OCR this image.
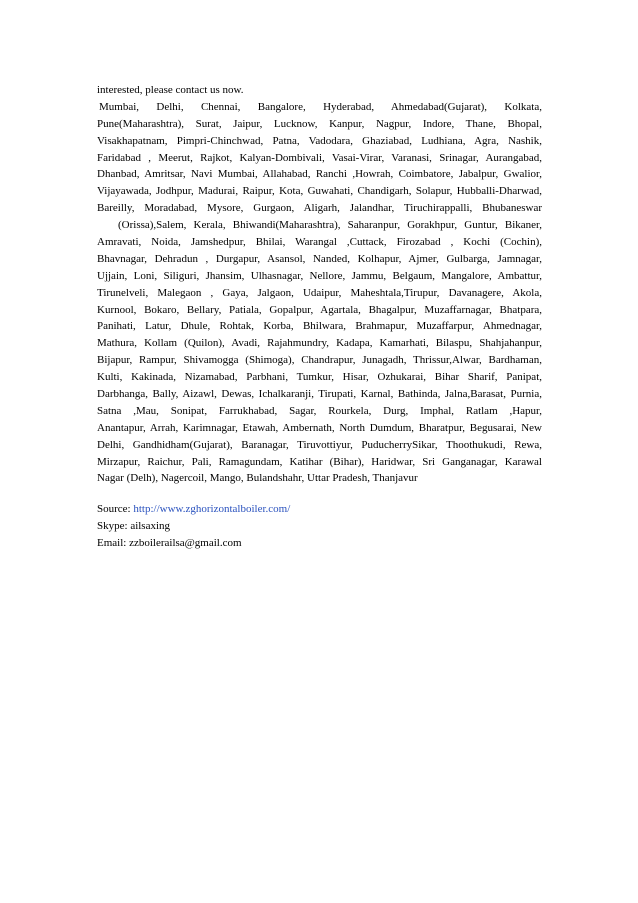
interested, please contact us now.
Mumbai, Delhi, Chennai, Bangalore, Hyderabad, Ahmedabad(Gujarat), Kolkata,
Pune(Maharashtra), Surat, Jaipur, Lucknow, Kanpur, Nagpur, Indore, Thane, Bhopal,
Visakhapatnam, Pimpri-Chinchwad, Patna, Vadodara, Ghaziabad, Ludhiana, Agra, Nashik,
Faridabad , Meerut, Rajkot, Kalyan-Dombivali, Vasai-Virar, Varanasi, Srinagar, Aurangabad,
Dhanbad, Amritsar, Navi Mumbai, Allahabad, Ranchi ,Howrah, Coimbatore, Jabalpur, Gwalior,
Vijayawada, Jodhpur, Madurai, Raipur, Kota, Guwahati, Chandigarh, Solapur, Hubballi-Dharwad,
Bareilly, Moradabad, Mysore, Gurgaon, Aligarh, Jalandhar, Tiruchirappalli, Bhubaneswar
(Orissa),Salem, Kerala, Bhiwandi(Maharashtra), Saharanpur, Gorakhpur, Guntur, Bikaner,
Amravati, Noida, Jamshedpur, Bhilai, Warangal ,Cuttack, Firozabad , Kochi (Cochin),
Bhavnagar, Dehradun , Durgapur, Asansol, Nanded, Kolhapur, Ajmer, Gulbarga, Jamnagar,
Ujjain, Loni, Siliguri, Jhansim, Ulhasnagar, Nellore, Jammu, Belgaum, Mangalore, Ambattur,
Tirunelveli, Malegaon , Gaya, Jalgaon, Udaipur, Maheshtala,Tirupur, Davanagere, Akola,
Kurnool, Bokaro, Bellary, Patiala, Gopalpur, Agartala, Bhagalpur, Muzaffarnagar, Bhatpara,
Panihati, Latur, Dhule, Rohtak, Korba, Bhilwara, Brahmapur, Muzaffarpur, Ahmednagar,
Mathura, Kollam (Quilon), Avadi, Rajahmundry, Kadapa, Kamarhati, Bilaspu, Shahjahanpur,
Bijapur, Rampur, Shivamogga (Shimoga), Chandrapur, Junagadh, Thrissur,Alwar, Bardhaman,
Kulti, Kakinada, Nizamabad, Parbhani, Tumkur, Hisar, Ozhukarai, Bihar Sharif, Panipat,
Darbhanga, Bally, Aizawl, Dewas, Ichalkaranji, Tirupati, Karnal, Bathinda, Jalna,Barasat, Purnia,
Satna ,Mau, Sonipat, Farrukhabad, Sagar, Rourkela, Durg, Imphal, Ratlam ,Hapur,
Anantapur, Arrah, Karimnagar, Etawah, Ambernath, North Dumdum, Bharatpur, Begusarai, New
Delhi, Gandhidham(Gujarat), Baranagar, Tiruvottiyur, PuducherrySikar, Thoothukudi, Rewa,
Mirzapur, Raichur, Pali, Ramagundam, Katihar (Bihar), Haridwar, Sri Ganganagar, Karawal
Nagar (Delh), Nagercoil, Mango, Bulandshahr, Uttar Pradesh, Thanjavur
Source: http://www.zghorizontalboiler.com/
Skype: ailsaxing
Email: zzboilerailsa@gmail.com
